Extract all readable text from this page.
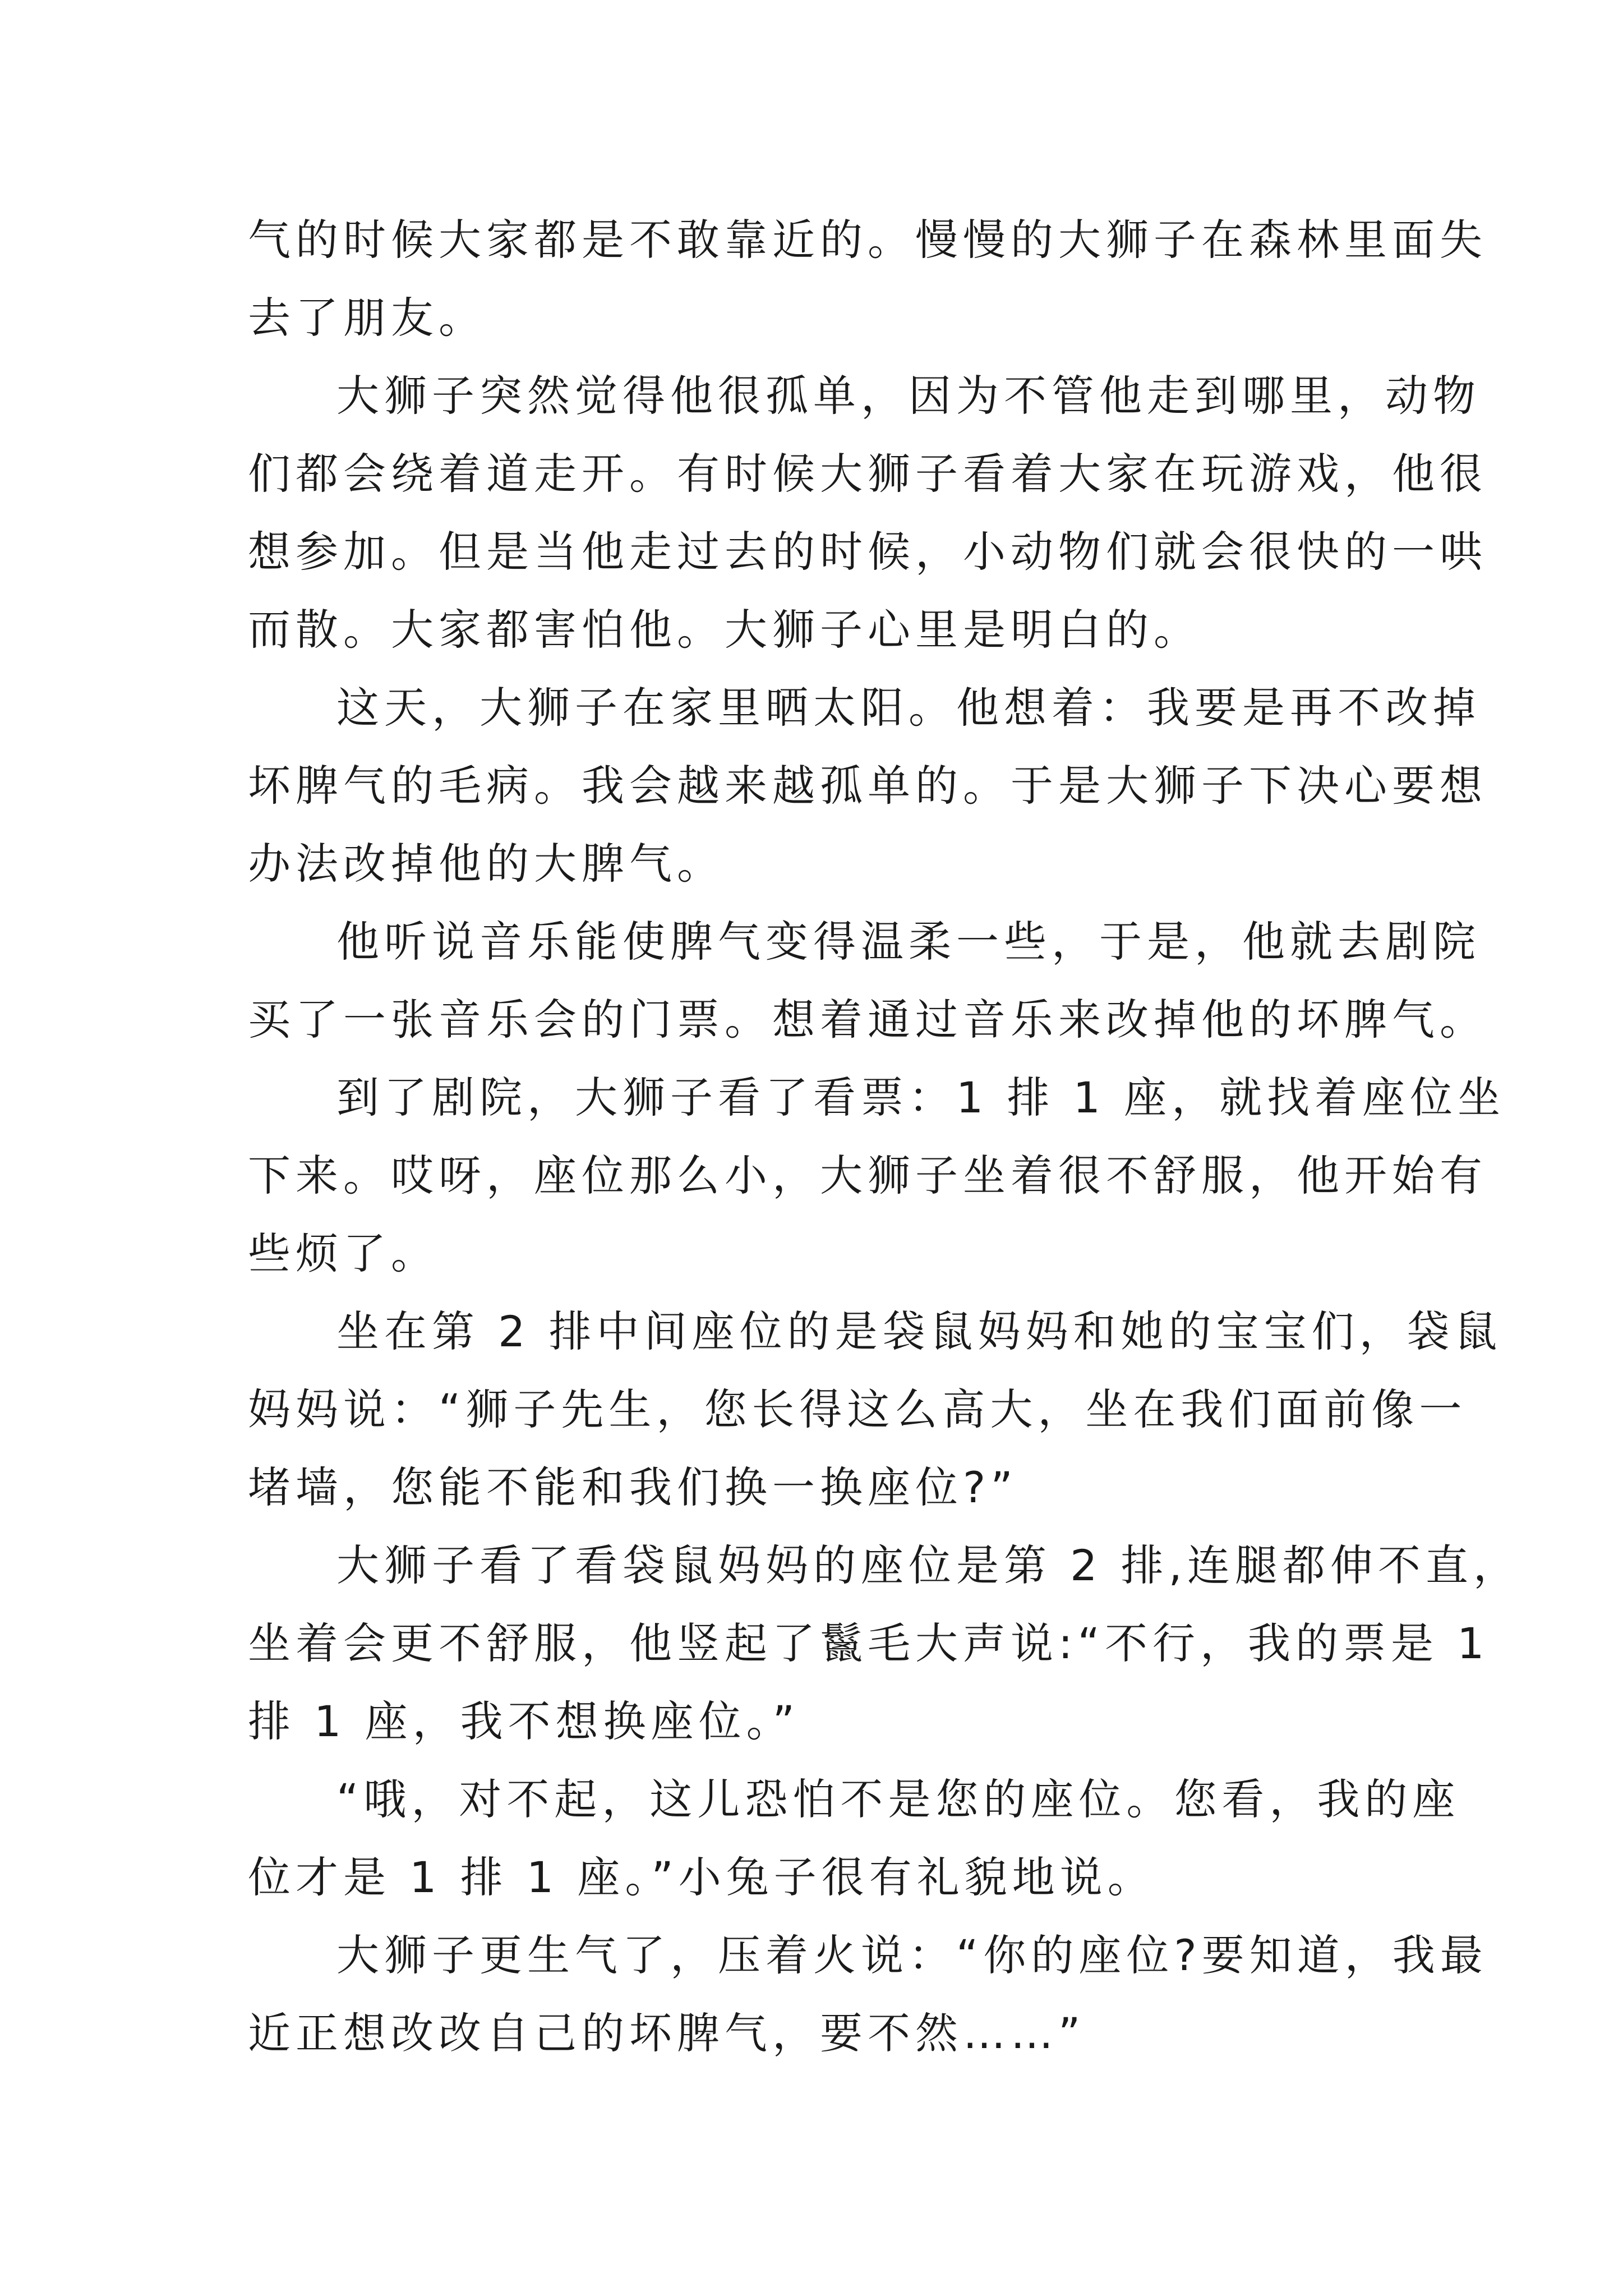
气的时候大家都是不敢靠近的。慢慢的大狮子在森林里面失
去了朋友。
大狮子突然觉得他很孤单，因为不管他走到哪里，动物
们都会绕着道走开。有时候大狮子看着大家在玩游戏，他很
想参加。但是当他走过去的时候，小动物们就会很快的一哄
而散。大家都害怕他。大狮子心里是明白的。
这天，大狮子在家里晒太阳。他想着：我要是再不改掉
坏脾气的毛病。我会越来越孤单的。于是大狮子下决心要想
办法改掉他的大脾气。
他听说音乐能使脾气变得温柔一些，于是，他就去剧院
买了一张音乐会的门票。想着通过音乐来改掉他的坏脾气。
到了剧院，大狮子看了看票：1 排 1 座，就找着座位坐
下来。哎呀，座位那么小，大狮子坐着很不舒服，他开始有
些烦了。
坐在第 2 排中间座位的是袋鼠妈妈和她的宝宝们，袋鼠
妈妈说：“狮子先生，您长得这么高大，坐在我们面前像一
堵墙，您能不能和我们换一换座位?”
大狮子看了看袋鼠妈妈的座位是第 2 排,连腿都伸不直，
坐着会更不舒服，他竖起了鬣毛大声说:“不行，我的票是 1
排 1 座，我不想换座位。”
“哦，对不起，这儿恐怕不是您的座位。您看，我的座
位才是 1 排 1 座。”小兔子很有礼貌地说。
大狮子更生气了，压着火说：“你的座位?要知道，我最
近正想改改自己的坏脾气，要不然……”
